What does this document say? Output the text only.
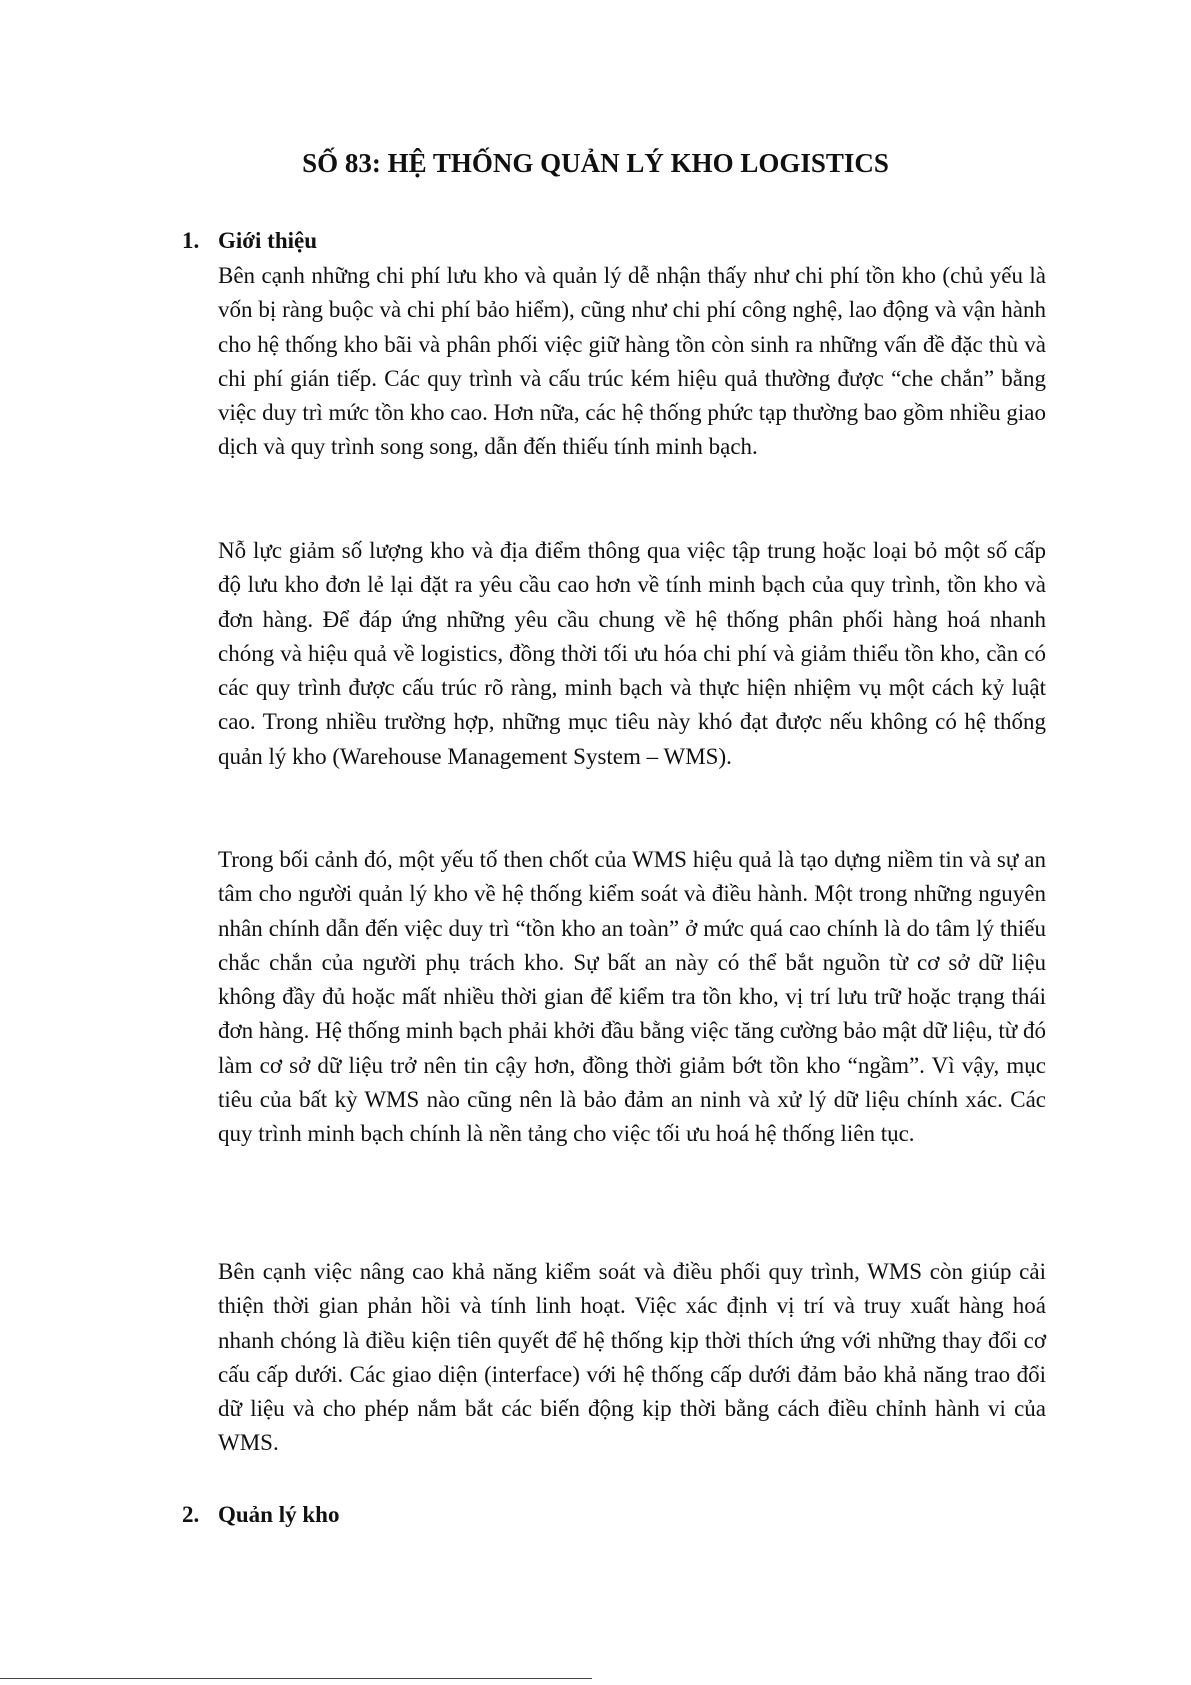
SỐ 83: HỆ THỐNG QUẢN LÝ KHO LOGISTICS
1. Giới thiệu

Bên cạnh những chi phí lưu kho và quản lý dễ nhận thấy như chi phí tồn kho (chủ yếu là vốn bị ràng buộc và chi phí bảo hiểm), cũng như chi phí công nghệ, lao động và vận hành cho hệ thống kho bãi và phân phối việc giữ hàng tồn còn sinh ra những vấn đề đặc thù và chi phí gián tiếp. Các quy trình và cấu trúc kém hiệu quả thường được “che chắn” bằng việc duy trì mức tồn kho cao. Hơn nữa, các hệ thống phức tạp thường bao gồm nhiều giao dịch và quy trình song song, dẫn đến thiếu tính minh bạch.

Nỗ lực giảm số lượng kho và địa điểm thông qua việc tập trung hoặc loại bỏ một số cấp độ lưu kho đơn lẻ lại đặt ra yêu cầu cao hơn về tính minh bạch của quy trình, tồn kho và đơn hàng. Để đáp ứng những yêu cầu chung về hệ thống phân phối hàng hoá nhanh chóng và hiệu quả về logistics, đồng thời tối ưu hóa chi phí và giảm thiểu tồn kho, cần có các quy trình được cấu trúc rõ ràng, minh bạch và thực hiện nhiệm vụ một cách kỷ luật cao. Trong nhiều trường hợp, những mục tiêu này khó đạt được nếu không có hệ thống quản lý kho (Warehouse Management System – WMS).

Trong bối cảnh đó, một yếu tố then chốt của WMS hiệu quả là tạo dựng niềm tin và sự an tâm cho người quản lý kho về hệ thống kiểm soát và điều hành. Một trong những nguyên nhân chính dẫn đến việc duy trì “tồn kho an toàn” ở mức quá cao chính là do tâm lý thiếu chắc chắn của người phụ trách kho. Sự bất an này có thể bắt nguồn từ cơ sở dữ liệu không đầy đủ hoặc mất nhiều thời gian để kiểm tra tồn kho, vị trí lưu trữ hoặc trạng thái đơn hàng. Hệ thống minh bạch phải khởi đầu bằng việc tăng cường bảo mật dữ liệu, từ đó làm cơ sở dữ liệu trở nên tin cậy hơn, đồng thời giảm bớt tồn kho “ngầm”. Vì vậy, mục tiêu của bất kỳ WMS nào cũng nên là bảo đảm an ninh và xử lý dữ liệu chính xác. Các quy trình minh bạch chính là nền tảng cho việc tối ưu hoá hệ thống liên tục.

Bên cạnh việc nâng cao khả năng kiểm soát và điều phối quy trình, WMS còn giúp cải thiện thời gian phản hồi và tính linh hoạt. Việc xác định vị trí và truy xuất hàng hoá nhanh chóng là điều kiện tiên quyết để hệ thống kịp thời thích ứng với những thay đổi cơ cấu cấp dưới. Các giao diện (interface) với hệ thống cấp dưới đảm bảo khả năng trao đổi dữ liệu và cho phép nắm bắt các biến động kịp thời bằng cách điều chỉnh hành vi của WMS.

2. Quản lý kho
